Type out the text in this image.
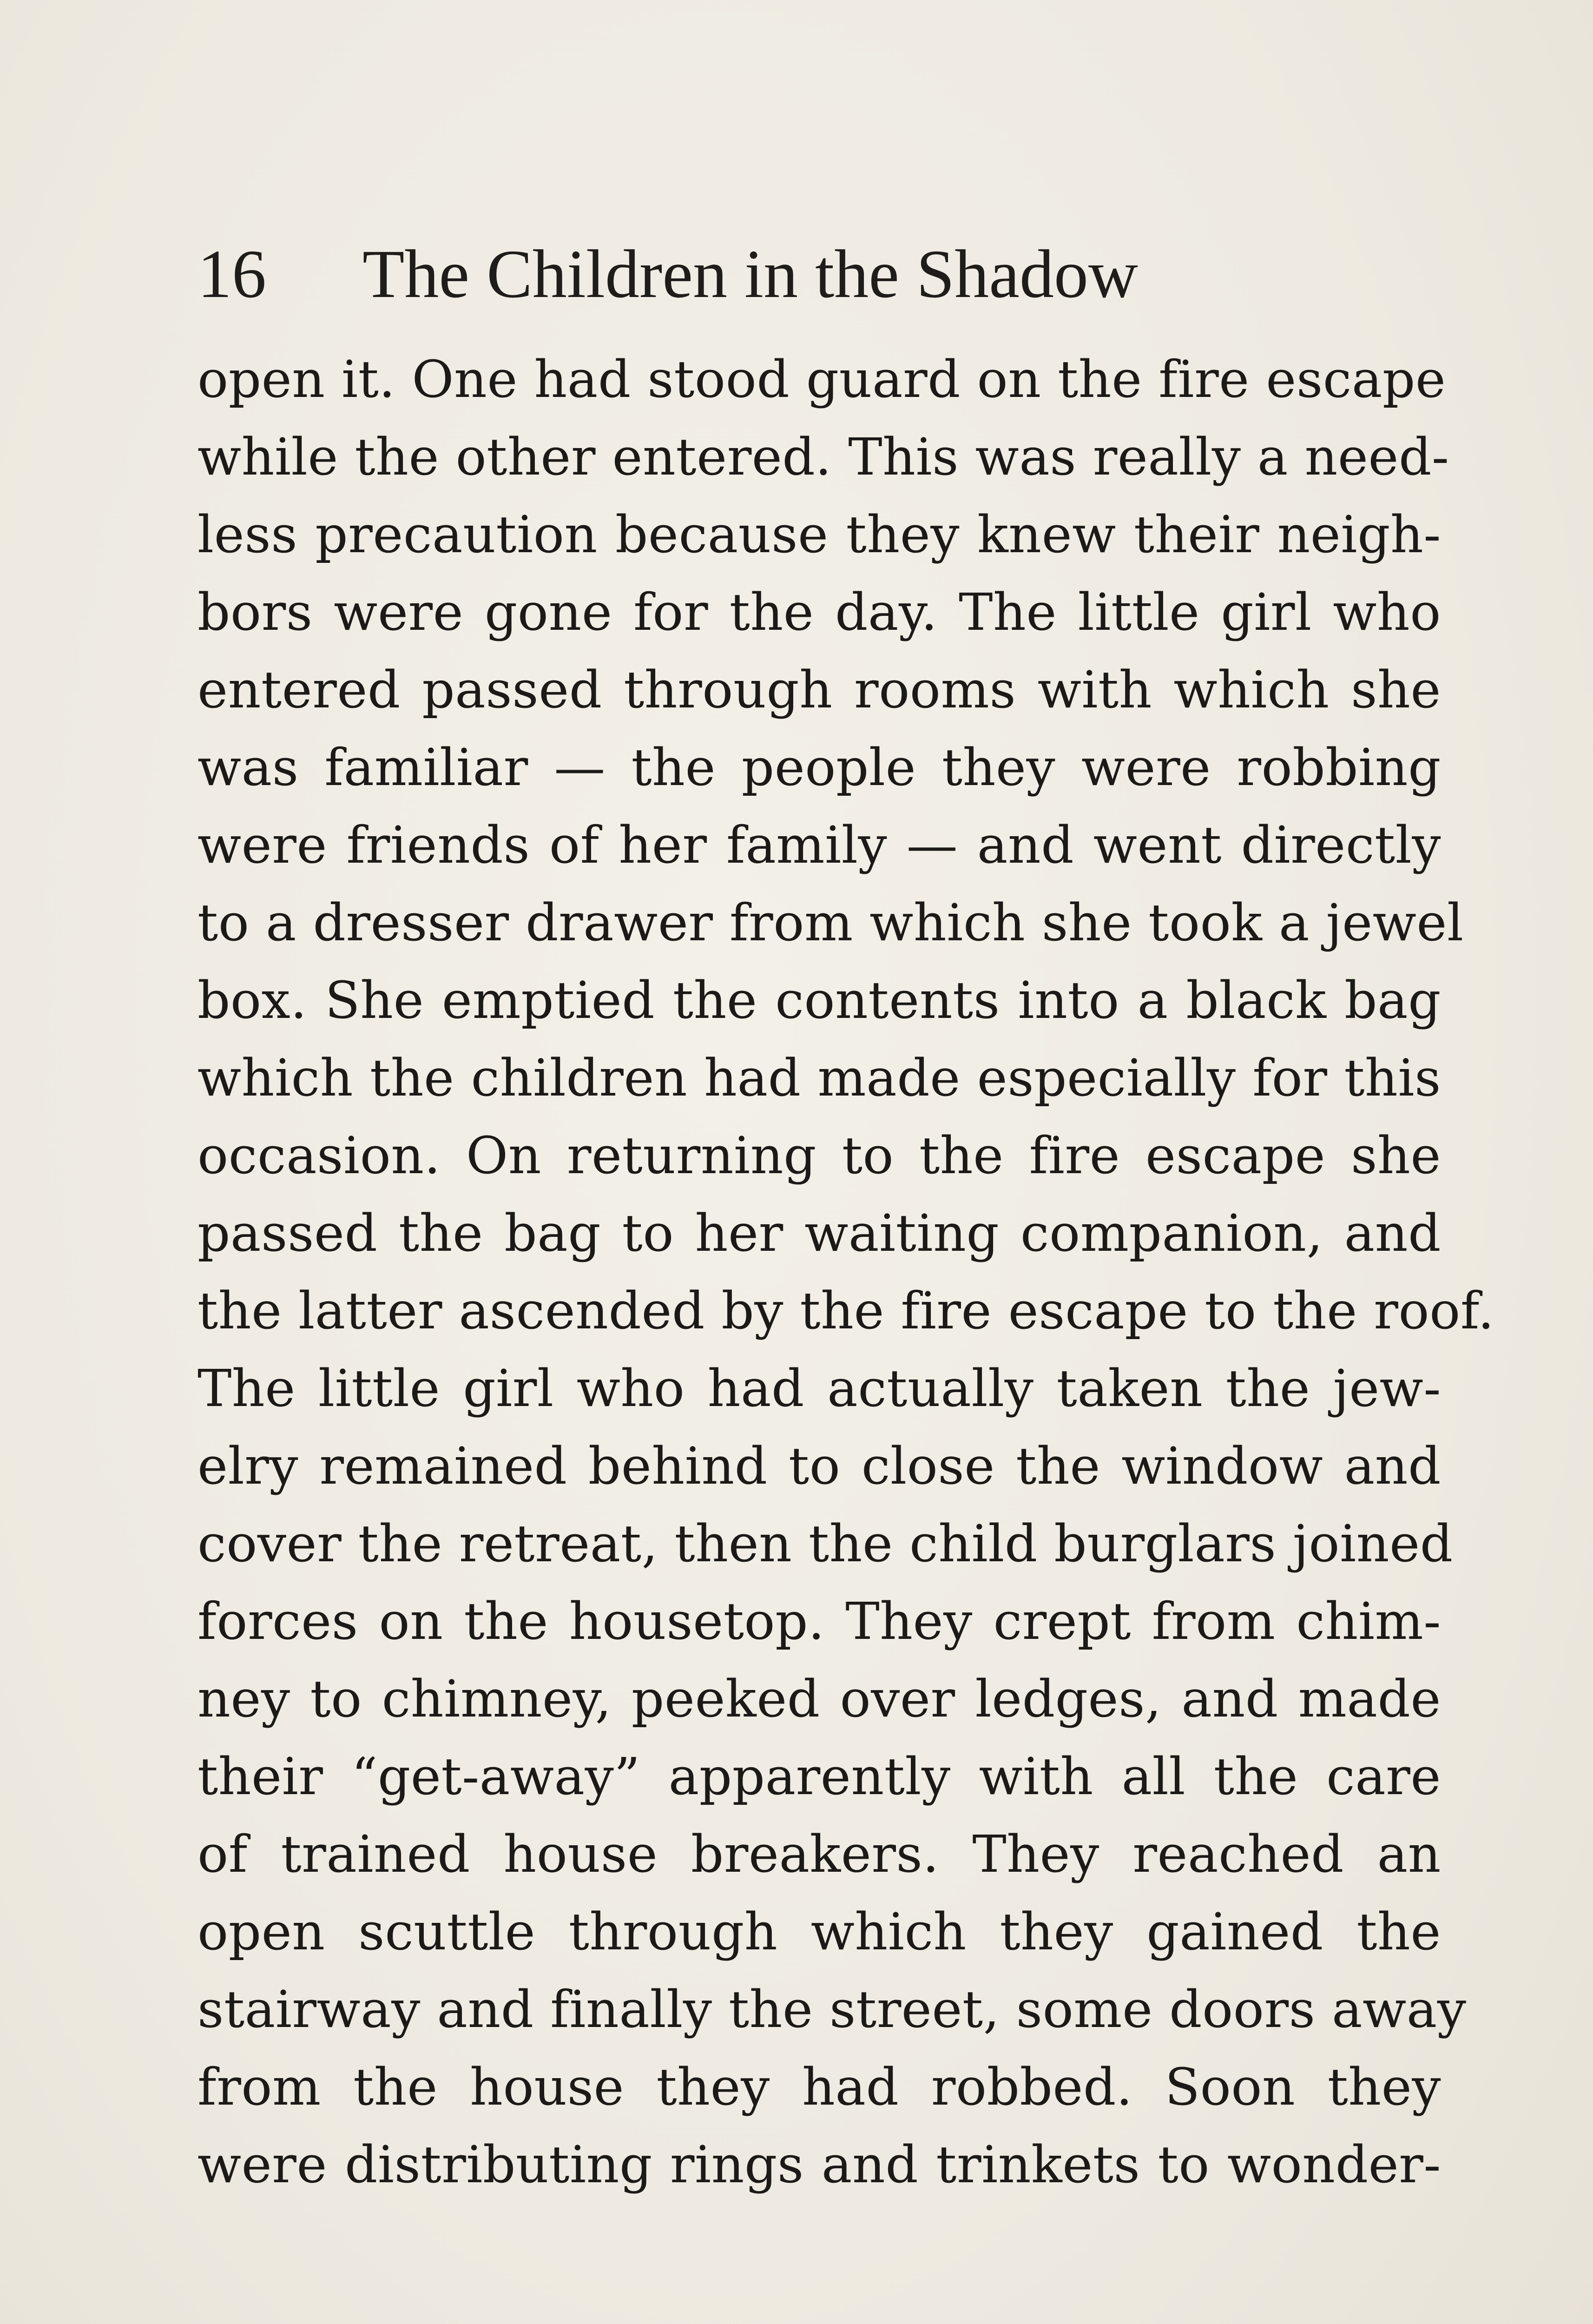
16 The Children in the Shadow
open it. One had stood guard on the fire escape
while the other entered. This was really a need-
less precaution because they knew their neigh-
bors were gone for the day. The little girl who
entered passed through rooms with which she
was familiar — the people they were robbing
were friends of her family — and went directly
to a dresser drawer from which she took a jewel
box. She emptied the contents into a black bag
which the children had made especially for this
occasion. On returning to the fire escape she
passed the bag to her waiting companion, and
the latter ascended by the fire escape to the roof.
The little girl who had actually taken the jew-
elry remained behind to close the window and
cover the retreat, then the child burglars joined
forces on the housetop. They crept from chim-
ney to chimney, peeked over ledges, and made
their “get-away” apparently with all the care
of trained house breakers. They reached an
open scuttle through which they gained the
stairway and finally the street, some doors away
from the house they had robbed. Soon they
were distributing rings and trinkets to wonder-
